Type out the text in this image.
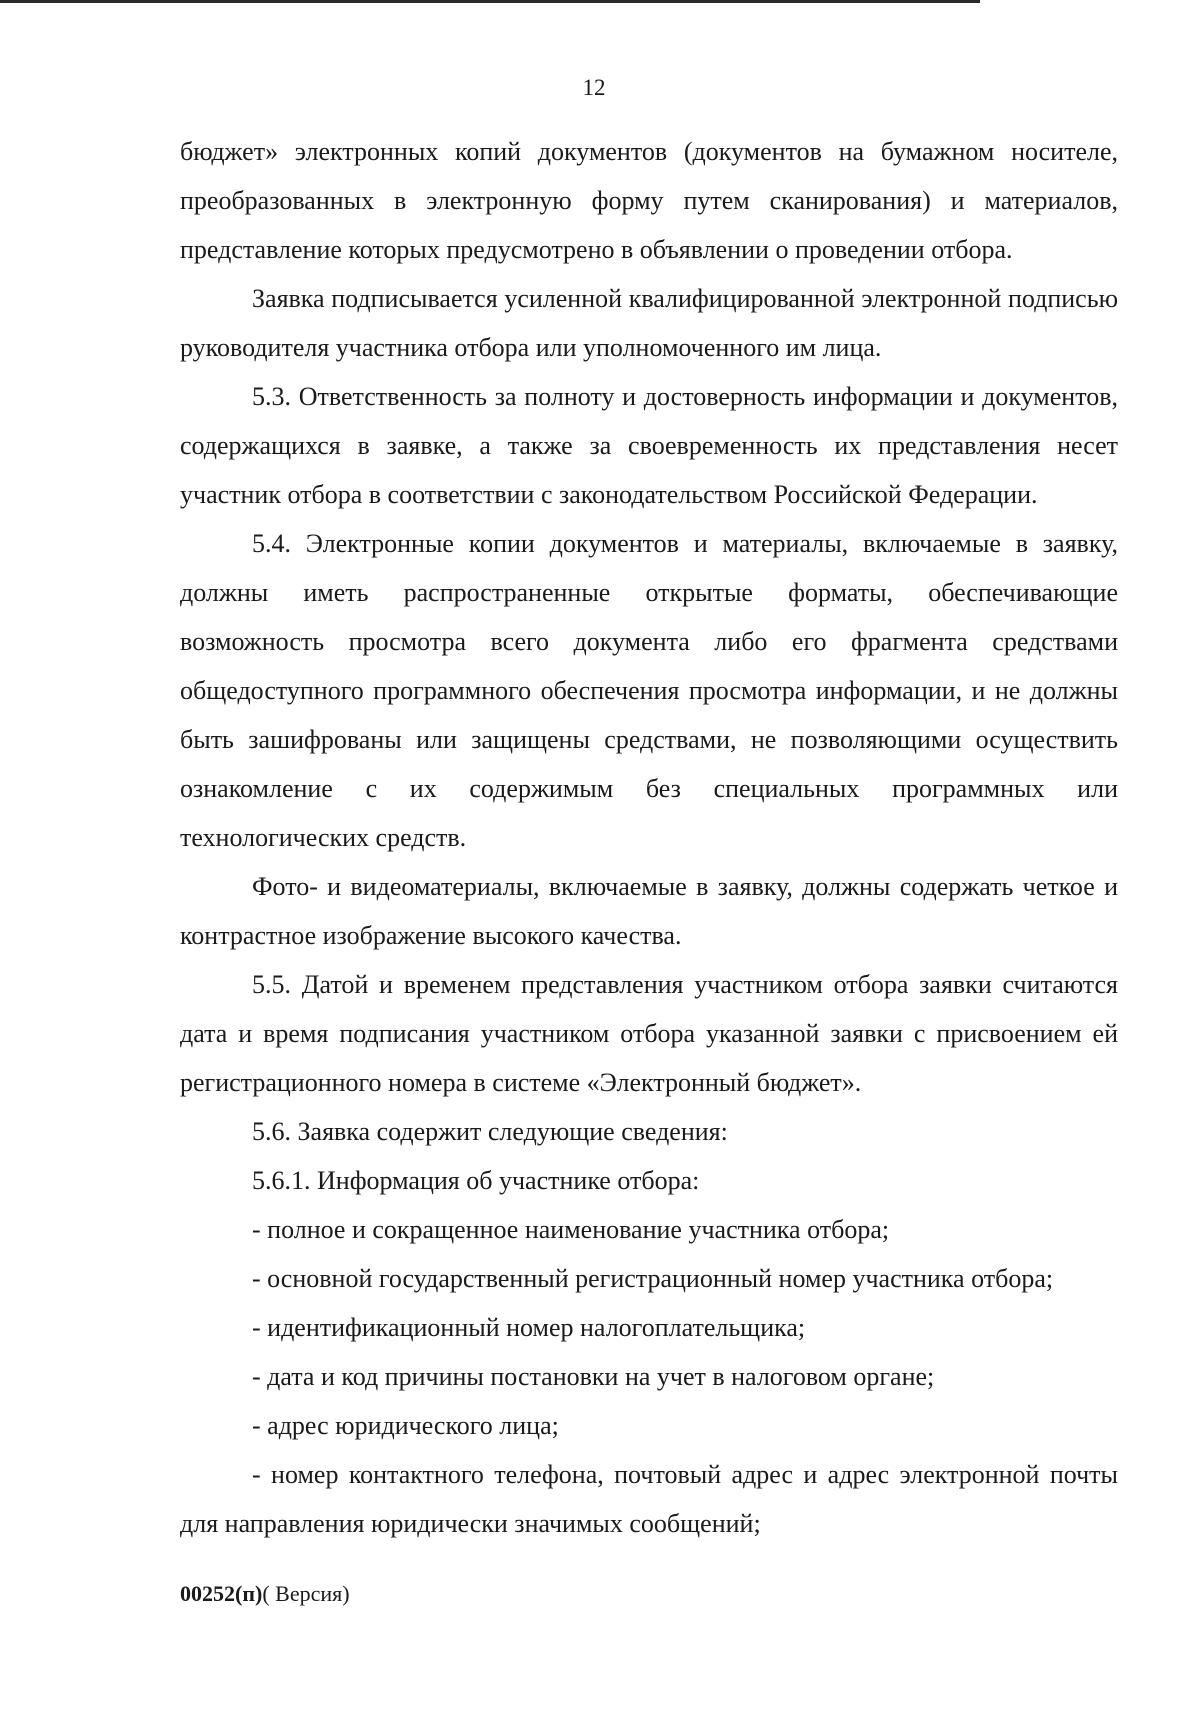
12

бюджет» электронных копий документов (документов на бумажном носителе, преобразованных в электронную форму путем сканирования) и материалов, представление которых предусмотрено в объявлении о проведении отбора.

Заявка подписывается усиленной квалифицированной электронной подписью руководителя участника отбора или уполномоченного им лица.

5.3. Ответственность за полноту и достоверность информации и документов, содержащихся в заявке, а также за своевременность их представления несет участник отбора в соответствии с законодательством Российской Федерации.

5.4. Электронные копии документов и материалы, включаемые в заявку, должны иметь распространенные открытые форматы, обеспечивающие возможность просмотра всего документа либо его фрагмента средствами общедоступного программного обеспечения просмотра информации, и не должны быть зашифрованы или защищены средствами, не позволяющими осуществить ознакомление с их содержимым без специальных программных или технологических средств.

Фото- и видеоматериалы, включаемые в заявку, должны содержать четкое и контрастное изображение высокого качества.

5.5. Датой и временем представления участником отбора заявки считаются дата и время подписания участником отбора указанной заявки с присвоением ей регистрационного номера в системе «Электронный бюджет».

5.6. Заявка содержит следующие сведения:

5.6.1. Информация об участнике отбора:

- полное и сокращенное наименование участника отбора;
- основной государственный регистрационный номер участника отбора;
- идентификационный номер налогоплательщика;
- дата и код причины постановки на учет в налоговом органе;
- адрес юридического лица;
- номер контактного телефона, почтовый адрес и адрес электронной почты для направления юридически значимых сообщений;
00252(п)( Версия)
